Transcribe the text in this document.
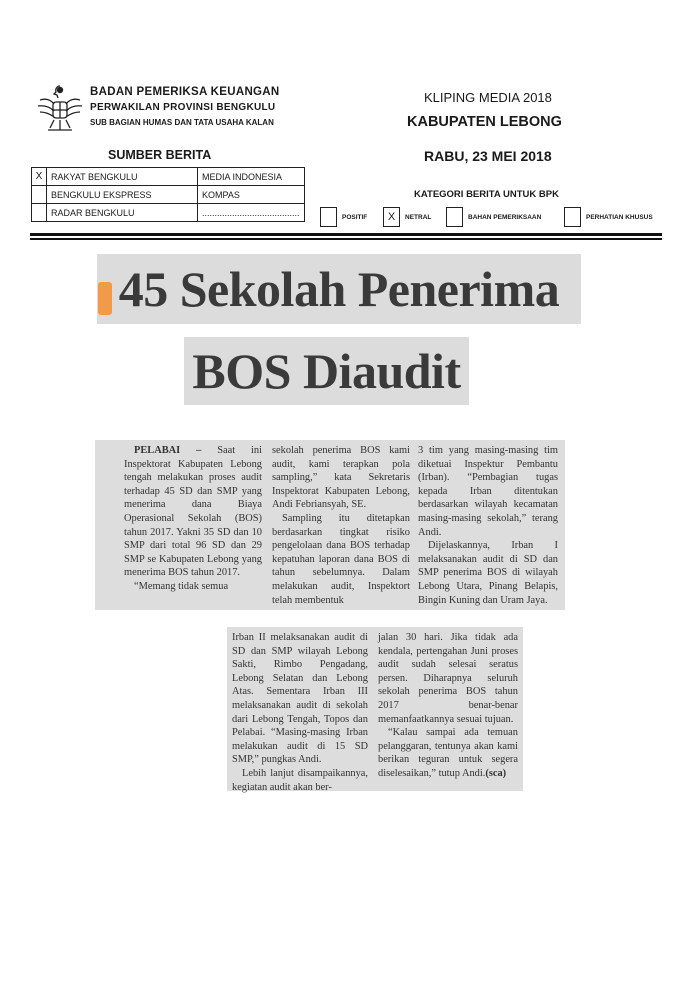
BADAN PEMERIKSA KEUANGAN
PERWAKILAN PROVINSI BENGKULU
SUB BAGIAN HUMAS DAN TATA USAHA KALAN
KLIPING MEDIA 2018
KABUPATEN LEBONG
RABU, 23 MEI 2018
SUMBER BERITA
X	RAKYAT BENGKULU	MEDIA INDONESIA
	BENGKULU EKSPRESS	KOMPAS
	RADAR BENGKULU	.......................................
KATEGORI BERITA UNTUK BPK
POSITIF	X	NETRAL	BAHAN PEMERIKSAAN	PERHATIAN KHUSUS
45 Sekolah Penerima
BOS Diaudit

PELABAI – Saat ini Inspektorat Kabupaten Lebong tengah melakukan proses audit terhadap 45 SD dan SMP yang menerima dana Biaya Operasional Sekolah (BOS) tahun 2017. Yakni 35 SD dan 10 SMP dari total 96 SD dan 29 SMP se Kabupaten Lebong yang menerima BOS tahun 2017.

“Memang tidak semua

sekolah penerima BOS kami audit, kami terapkan pola sampling,” kata Sekretaris Inspektorat Kabupaten Lebong, Andi Febriansyah, SE.

Sampling itu ditetapkan berdasarkan tingkat risiko pengelolaan dana BOS terhadap kepatuhan laporan dana BOS di tahun sebelumnya. Dalam melakukan audit, Inspektort telah membentuk

3 tim yang masing-masing tim diketuai Inspektur Pembantu (Irban). “Pembagian tugas kepada Irban ditentukan berdasarkan wilayah kecamatan masing-masing sekolah,” terang Andi.

Dijelaskannya, Irban I melaksanakan audit di SD dan SMP penerima BOS di wilayah Lebong Utara, Pinang Belapis, Bingin Kuning dan Uram Jaya.

Irban II melaksanakan audit di SD dan SMP wilayah Lebong Sakti, Rimbo Pengadang, Lebong Selatan dan Lebong Atas. Sementara Irban III melaksanakan audit di sekolah dari Lebong Tengah, Topos dan Pelabai. “Masing-masing Irban melakukan audit di 15 SD SMP,” pungkas Andi.

Lebih lanjut disampaikannya, kegiatan audit akan ber-

jalan 30 hari. Jika tidak ada kendala, pertengahan Juni proses audit sudah selesai seratus persen. Diharapnya seluruh sekolah penerima BOS tahun 2017 benar-benar memanfaatkannya sesuai tujuan.

“Kalau sampai ada temuan pelanggaran, tentunya akan kami berikan teguran untuk segera diselesaikan,” tutup Andi.(sca)
